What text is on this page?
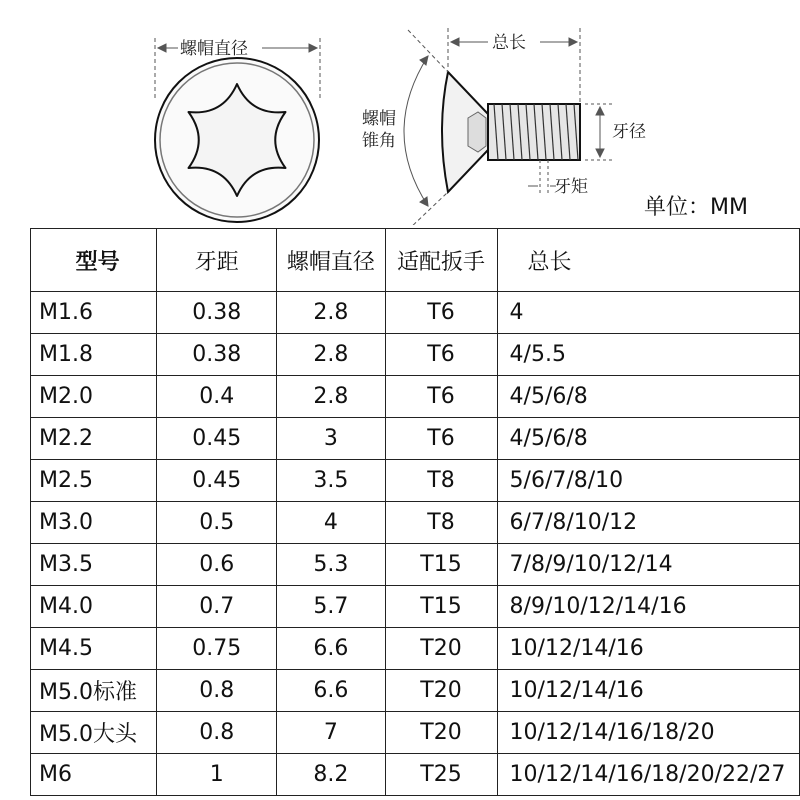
螺帽直径	总长
螺帽
锥角	牙径
牙矩
单位：MM
型号	牙距	螺帽直径	适配扳手	总长
M1.6	0.38	2.8	T6	4
M1.8	0.38	2.8	T6	4/5.5
M2.0	0.4	2.8	T6	4/5/6/8
M2.2	0.45	3	T6	4/5/6/8
M2.5	0.45	3.5	T8	5/6/7/8/10
M3.0	0.5	4	T8	6/7/8/10/12
M3.5	0.6	5.3	T15	7/8/9/10/12/14
M4.0	0.7	5.7	T15	8/9/10/12/14/16
M4.5	0.75	6.6	T20	10/12/14/16
M5.0标准	0.8	6.6	T20	10/12/14/16
M5.0大头	0.8	7	T20	10/12/14/16/18/20
M6	1	8.2	T25	10/12/14/16/18/20/22/27
